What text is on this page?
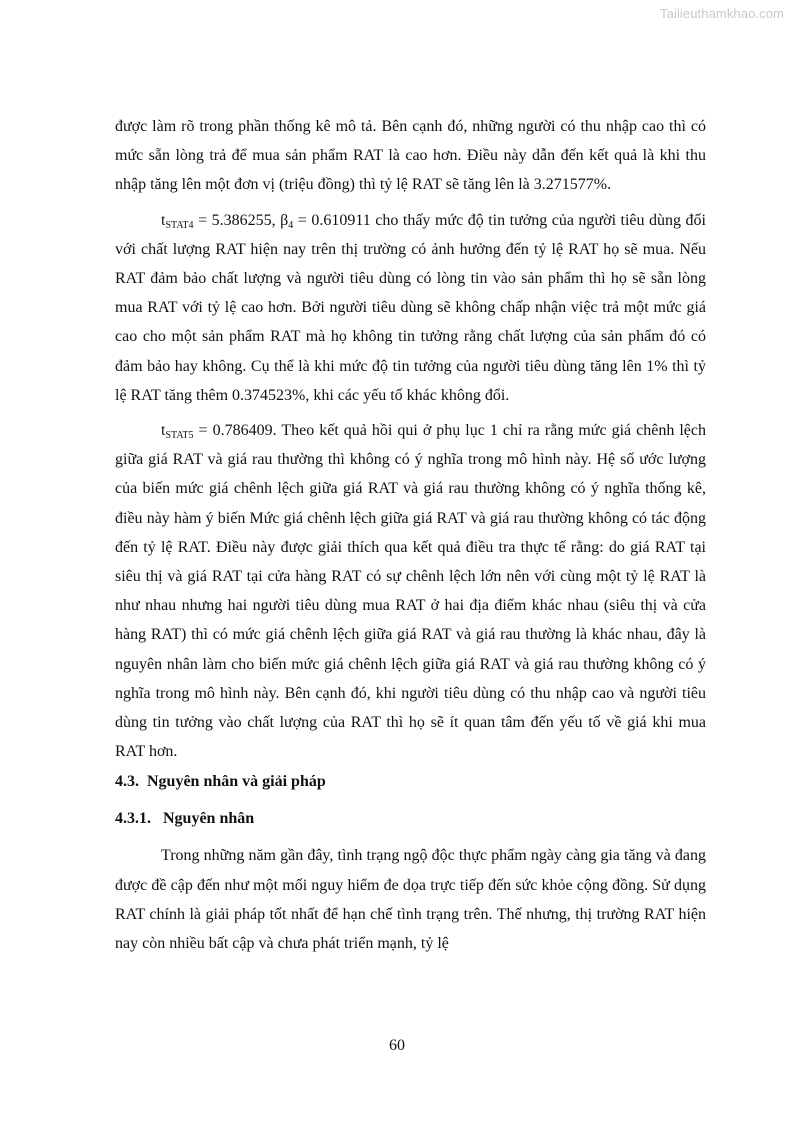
Tailieuthamkhao.com

được làm rõ trong phần thống kê mô tả. Bên cạnh đó, những người có thu nhập cao thì có mức sẵn lòng trả để mua sản phẩm RAT là cao hơn. Điều này dẫn đến kết quả là khi thu nhập tăng lên một đơn vị (triệu đồng) thì tỷ lệ RAT sẽ tăng lên là 3.271577%.

$t_{STAT4} = 5.386255$, $\beta_4 = 0.610911$ cho thấy mức độ tin tưởng của người tiêu dùng đối với chất lượng RAT hiện nay trên thị trường có ảnh hưởng đến tỷ lệ RAT họ sẽ mua. Nếu RAT đảm bảo chất lượng và người tiêu dùng có lòng tin vào sản phẩm thì họ sẽ sẵn lòng mua RAT với tỷ lệ cao hơn. Bởi người tiêu dùng sẽ không chấp nhận việc trả một mức giá cao cho một sản phẩm RAT mà họ không tin tưởng rằng chất lượng của sản phẩm đó có đảm bảo hay không. Cụ thể là khi mức độ tin tưởng của người tiêu dùng tăng lên 1% thì tỷ lệ RAT tăng thêm 0.374523%, khi các yếu tố khác không đổi.

$t_{STAT5} = 0.786409$. Theo kết quả hồi qui ở phụ lục 1 chỉ ra rằng mức giá chênh lệch giữa giá RAT và giá rau thường thì không có ý nghĩa trong mô hình này. Hệ số ước lượng của biến mức giá chênh lệch giữa giá RAT và giá rau thường không có ý nghĩa thống kê, điều này hàm ý biến Mức giá chênh lệch giữa giá RAT và giá rau thường không có tác động đến tỷ lệ RAT. Điều này được giải thích qua kết quả điều tra thực tế rằng: do giá RAT tại siêu thị và giá RAT tại cửa hàng RAT có sự chênh lệch lớn nên với cùng một tỷ lệ RAT là như nhau nhưng hai người tiêu dùng mua RAT ở hai địa điểm khác nhau (siêu thị và cửa hàng RAT) thì có mức giá chênh lệch giữa giá RAT và giá rau thường là khác nhau, đây là nguyên nhân làm cho biến mức giá chênh lệch giữa giá RAT và giá rau thường không có ý nghĩa trong mô hình này. Bên cạnh đó, khi người tiêu dùng có thu nhập cao và người tiêu dùng tin tưởng vào chất lượng của RAT thì họ sẽ ít quan tâm đến yếu tố về giá khi mua RAT hơn.

4.3. Nguyên nhân và giải pháp
4.3.1. Nguyên nhân

Trong những năm gần đây, tình trạng ngộ độc thực phẩm ngày càng gia tăng và đang được đề cập đến như một mối nguy hiểm đe dọa trực tiếp đến sức khỏe cộng đồng. Sử dụng RAT chính là giải pháp tốt nhất để hạn chế tình trạng trên. Thế nhưng, thị trường RAT hiện nay còn nhiều bất cập và chưa phát triển mạnh, tỷ lệ

60
